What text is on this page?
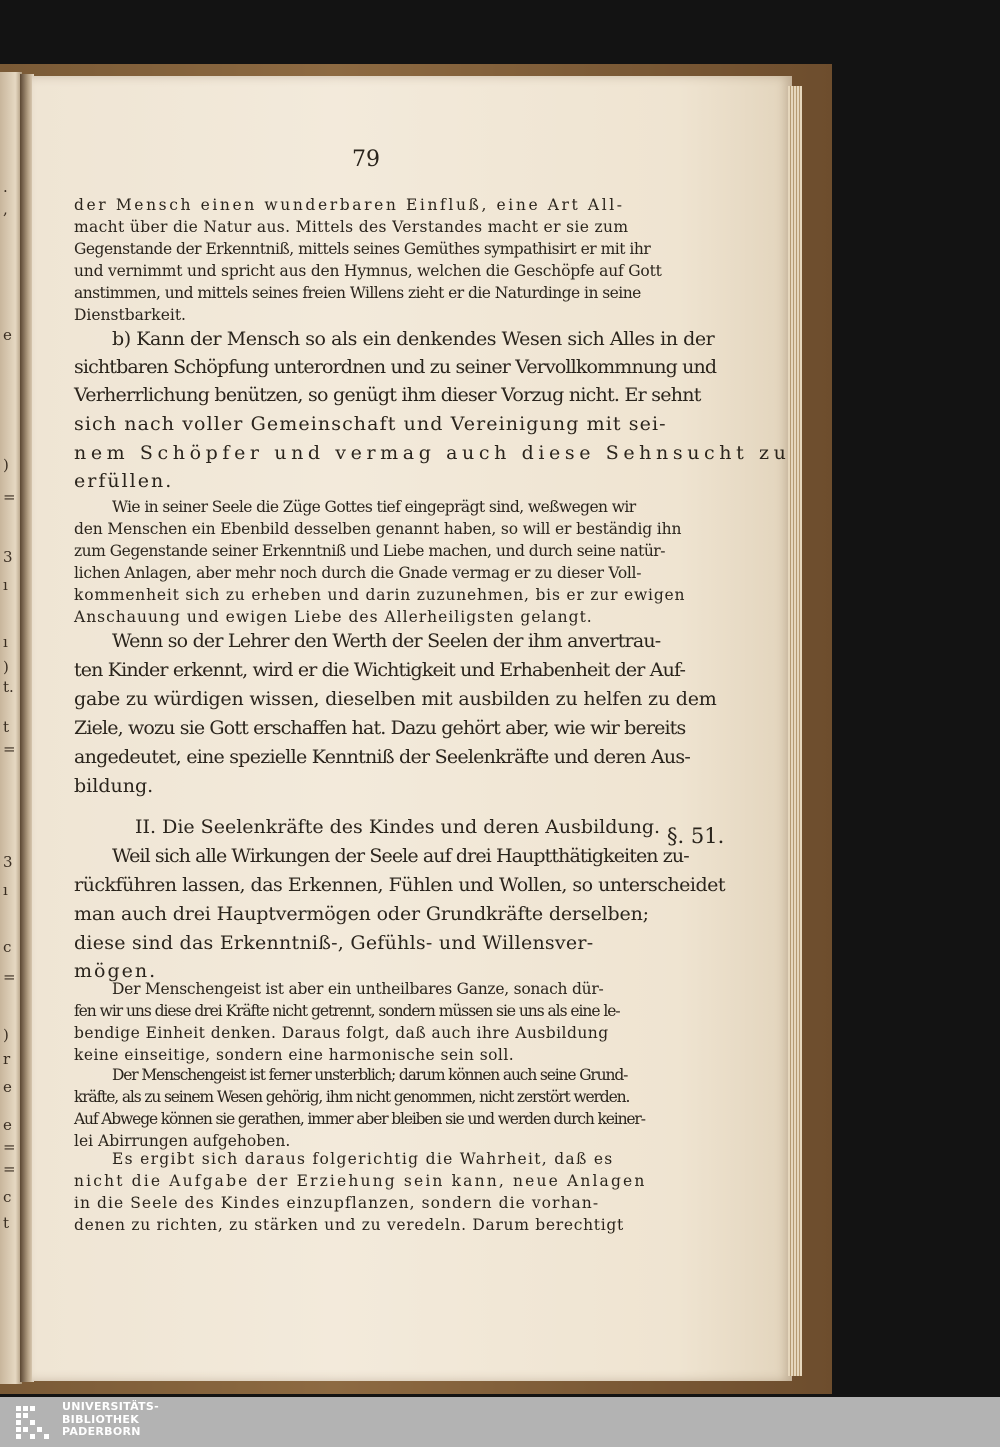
.
,
e
)
=
3
ı
ı
)
t.
t
=
3
ı
c
=
)
r
e
e
=
=
c
t
79
der Mensch einen wunderbaren Einfluß, eine Art All-
macht über die Natur aus. Mittels des Verstandes macht er sie zum
Gegenstande der Erkenntniß, mittels seines Gemüthes sympathisirt er mit ihr
und vernimmt und spricht aus den Hymnus, welchen die Geschöpfe auf Gott
anstimmen, und mittels seines freien Willens zieht er die Naturdinge in seine
Dienstbarkeit.
b) Kann der Mensch so als ein denkendes Wesen sich Alles in der
sichtbaren Schöpfung unterordnen und zu seiner Vervollkommnung und
Verherrlichung benützen, so genügt ihm dieser Vorzug nicht. Er sehnt
sich nach voller Gemeinschaft und Vereinigung mit sei-
nem Schöpfer und vermag auch diese Sehnsucht zu
erfüllen.
Wie in seiner Seele die Züge Gottes tief eingeprägt sind, weßwegen wir
den Menschen ein Ebenbild desselben genannt haben, so will er beständig ihn
zum Gegenstande seiner Erkenntniß und Liebe machen, und durch seine natür-
lichen Anlagen, aber mehr noch durch die Gnade vermag er zu dieser Voll-
kommenheit sich zu erheben und darin zuzunehmen, bis er zur ewigen
Anschauung und ewigen Liebe des Allerheiligsten gelangt.
Wenn so der Lehrer den Werth der Seelen der ihm anvertrau-
ten Kinder erkennt, wird er die Wichtigkeit und Erhabenheit der Auf-
gabe zu würdigen wissen, dieselben mit ausbilden zu helfen zu dem
Ziele, wozu sie Gott erschaffen hat. Dazu gehört aber, wie wir bereits
angedeutet, eine spezielle Kenntniß der Seelenkräfte und deren Aus-
bildung.
II. Die Seelenkräfte des Kindes und deren Ausbildung. §. 51.
Weil sich alle Wirkungen der Seele auf drei Hauptthätigkeiten zu-
rückführen lassen, das Erkennen, Fühlen und Wollen, so unterscheidet
man auch drei Hauptvermögen oder Grundkräfte derselben;
diese sind das Erkenntniß-, Gefühls- und Willensver-
mögen.
Der Menschengeist ist aber ein untheilbares Ganze, sonach dür-
fen wir uns diese drei Kräfte nicht getrennt, sondern müssen sie uns als eine le-
bendige Einheit denken. Daraus folgt, daß auch ihre Ausbildung
keine einseitige, sondern eine harmonische sein soll.
Der Menschengeist ist ferner unsterblich; darum können auch seine Grund-
kräfte, als zu seinem Wesen gehörig, ihm nicht genommen, nicht zerstört werden.
Auf Abwege können sie gerathen, immer aber bleiben sie und werden durch keiner-
lei Abirrungen aufgehoben.
Es ergibt sich daraus folgerichtig die Wahrheit, daß es
nicht die Aufgabe der Erziehung sein kann, neue Anlagen
in die Seele des Kindes einzupflanzen, sondern die vorhan-
denen zu richten, zu stärken und zu veredeln. Darum berechtigt
UNIVERSITÄTS-
BIBLIOTHEK
PADERBORN
